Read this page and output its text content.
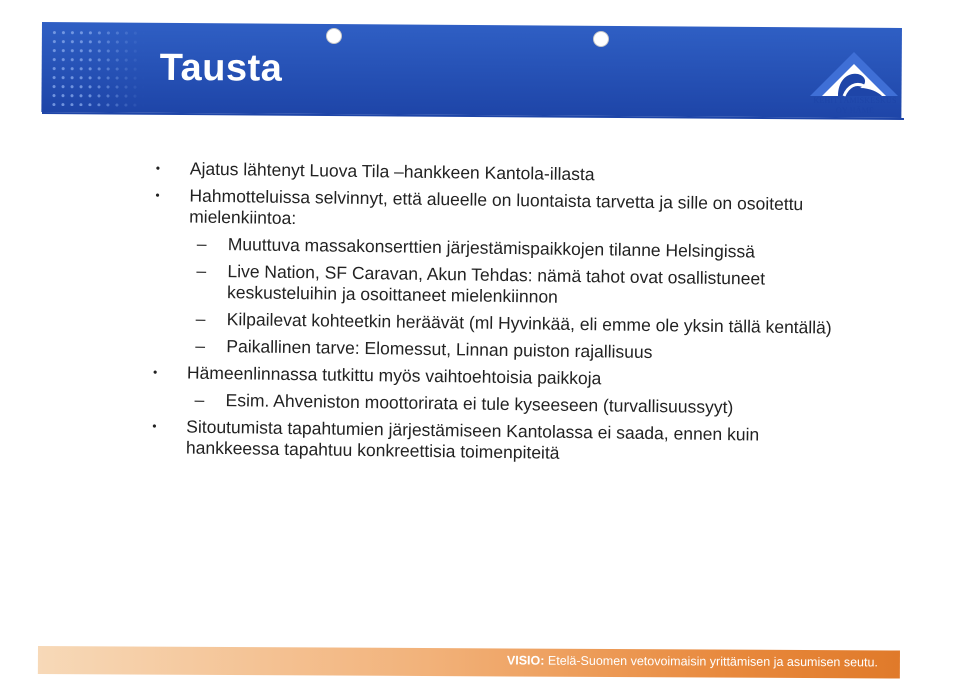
Tausta
KEHITTÄMISKESKUS
OY HÄME
• Ajatus lähtenyt Luova Tila –hankkeen Kantola-illasta
• Hahmotteluissa selvinnyt, että alueelle on luontaista tarvetta ja sille on osoitettu mielenkiintoa:
– Muuttuva massakonserttien järjestämispaikkojen tilanne Helsingissä
– Live Nation, SF Caravan, Akun Tehdas: nämä tahot ovat osallistuneet keskusteluihin ja osoittaneet mielenkiinnon
– Kilpailevat kohteetkin heräävät (ml Hyvinkää, eli emme ole yksin tällä kentällä)
– Paikallinen tarve: Elomessut, Linnan puiston rajallisuus
• Hämeenlinnassa tutkittu myös vaihtoehtoisia paikkoja
– Esim. Ahveniston moottorirata ei tule kyseeseen (turvallisuussyyt)
• Sitoutumista tapahtumien järjestämiseen Kantolassa ei saada, ennen kuin hankkeessa tapahtuu konkreettisia toimenpiteitä
VISIO: Etelä-Suomen vetovoimaisin yrittämisen ja asumisen seutu.
